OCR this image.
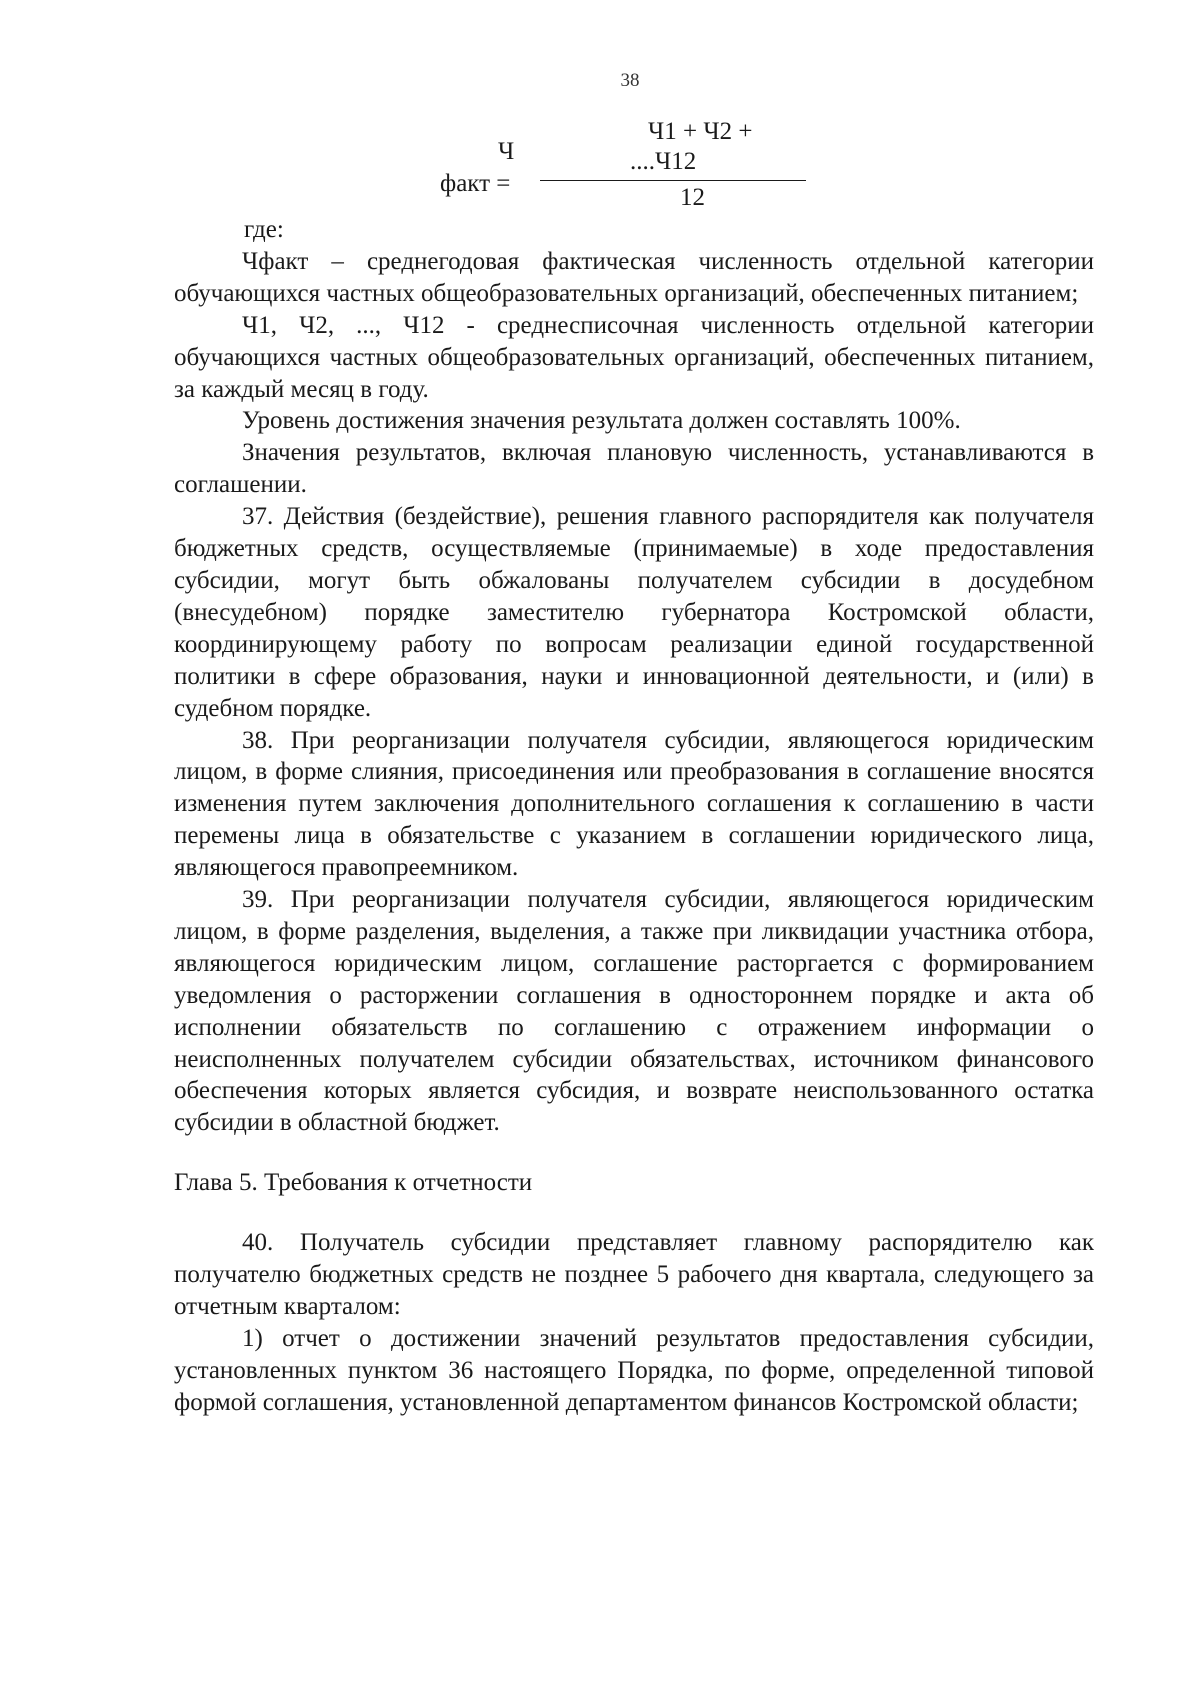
38
Ч1 + Ч2 +
....Ч12
Ч
факт =
12

где:

Чфакт – среднегодовая фактическая численность отдельной категории обучающихся частных общеобразовательных организаций, обеспеченных питанием;

Ч1, Ч2, ..., Ч12 - среднесписочная численность отдельной категории обучающихся частных общеобразовательных организаций, обеспеченных питанием, за каждый месяц в году.

Уровень достижения значения результата должен составлять 100%.

Значения результатов, включая плановую численность, устанавливаются в соглашении.

37. Действия (бездействие), решения главного распорядителя как получателя бюджетных средств, осуществляемые (принимаемые) в ходе предоставления субсидии, могут быть обжалованы получателем субсидии в досудебном (внесудебном) порядке заместителю губернатора Костромской области, координирующему работу по вопросам реализации единой государственной политики в сфере образования, науки и инновационной деятельности, и (или) в судебном порядке.

38. При реорганизации получателя субсидии, являющегося юридическим лицом, в форме слияния, присоединения или преобразования в соглашение вносятся изменения путем заключения дополнительного соглашения к соглашению в части перемены лица в обязательстве с указанием в соглашении юридического лица, являющегося правопреемником.

39. При реорганизации получателя субсидии, являющегося юридическим лицом, в форме разделения, выделения, а также при ликвидации участника отбора, являющегося юридическим лицом, соглашение расторгается с формированием уведомления о расторжении соглашения в одностороннем порядке и акта об исполнении обязательств по соглашению с отражением информации о неисполненных получателем субсидии обязательствах, источником финансового обеспечения которых является субсидия, и возврате неиспользованного остатка субсидии в областной бюджет.

Глава 5. Требования к отчетности

40. Получатель субсидии представляет главному распорядителю как получателю бюджетных средств не позднее 5 рабочего дня квартала, следующего за отчетным кварталом:

1) отчет о достижении значений результатов предоставления субсидии, установленных пунктом 36 настоящего Порядка, по форме, определенной типовой формой соглашения, установленной департаментом финансов Костромской области;
